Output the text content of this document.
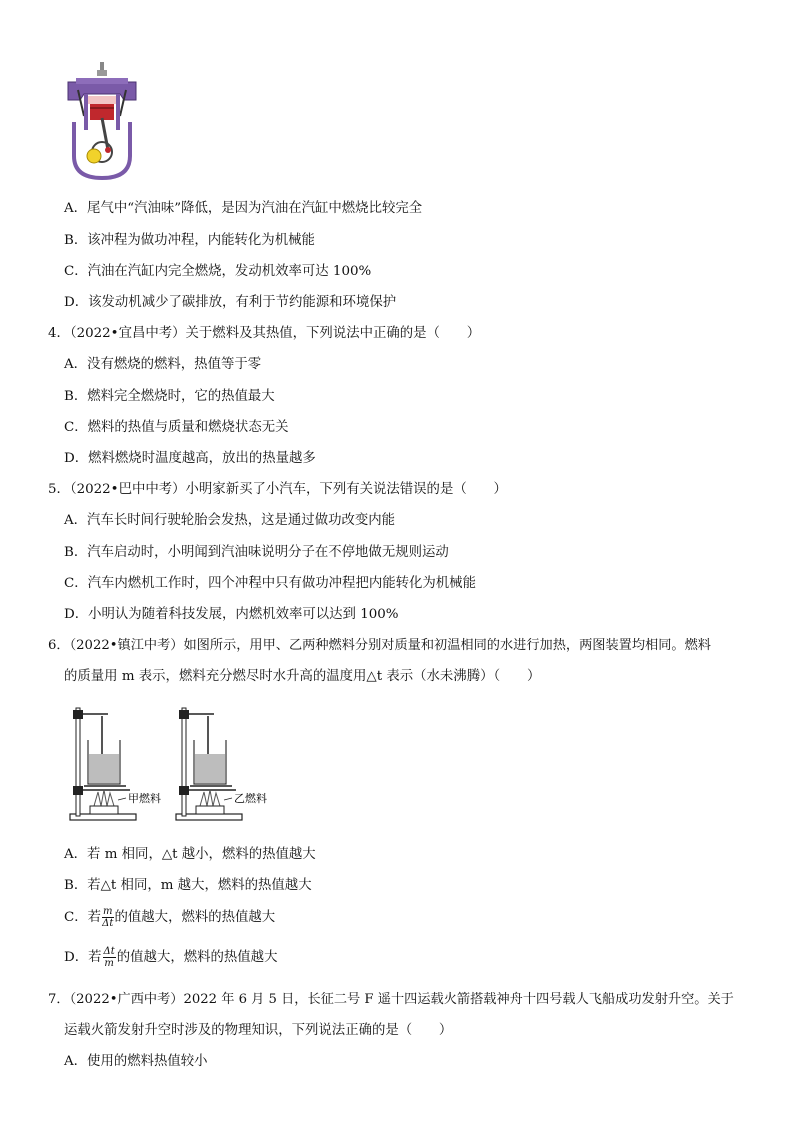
A．尾气中“汽油味”降低，是因为汽油在汽缸中燃烧比较完全
B．该冲程为做功冲程，内能转化为机械能
C．汽油在汽缸内完全燃烧，发动机效率可达 100%
D．该发动机减少了碳排放，有利于节约能源和环境保护
4．（2022•宜昌中考）关于燃料及其热值，下列说法中正确的是（　　）
A．没有燃烧的燃料，热值等于零
B．燃料完全燃烧时，它的热值最大
C．燃料的热值与质量和燃烧状态无关
D．燃料燃烧时温度越高，放出的热量越多
5．（2022•巴中中考）小明家新买了小汽车，下列有关说法错误的是（　　）
A．汽车长时间行驶轮胎会发热，这是通过做功改变内能
B．汽车启动时，小明闻到汽油味说明分子在不停地做无规则运动
C．汽车内燃机工作时，四个冲程中只有做功冲程把内能转化为机械能
D．小明认为随着科技发展，内燃机效率可以达到 100%
6．（2022•镇江中考）如图所示，用甲、乙两种燃料分别对质量和初温相同的水进行加热，两图装置均相同。燃料
的质量用 m 表示，燃料充分燃尽时水升高的温度用△t 表示（水未沸腾）（　　）
甲燃料	乙燃料
A．若 m 相同，△t 越小，燃料的热值越大
B．若△t 相同，m 越大，燃料的热值越大
C．若 $\frac{m}{\Delta t}$ 的值越大，燃料的热值越大
D．若 $\frac{\Delta t}{m}$ 的值越大，燃料的热值越大
7．（2022•广西中考）2022 年 6 月 5 日，长征二号 F 遥十四运载火箭搭载神舟十四号载人飞船成功发射升空。关于
运载火箭发射升空时涉及的物理知识，下列说法正确的是（　　）
A．使用的燃料热值较小
